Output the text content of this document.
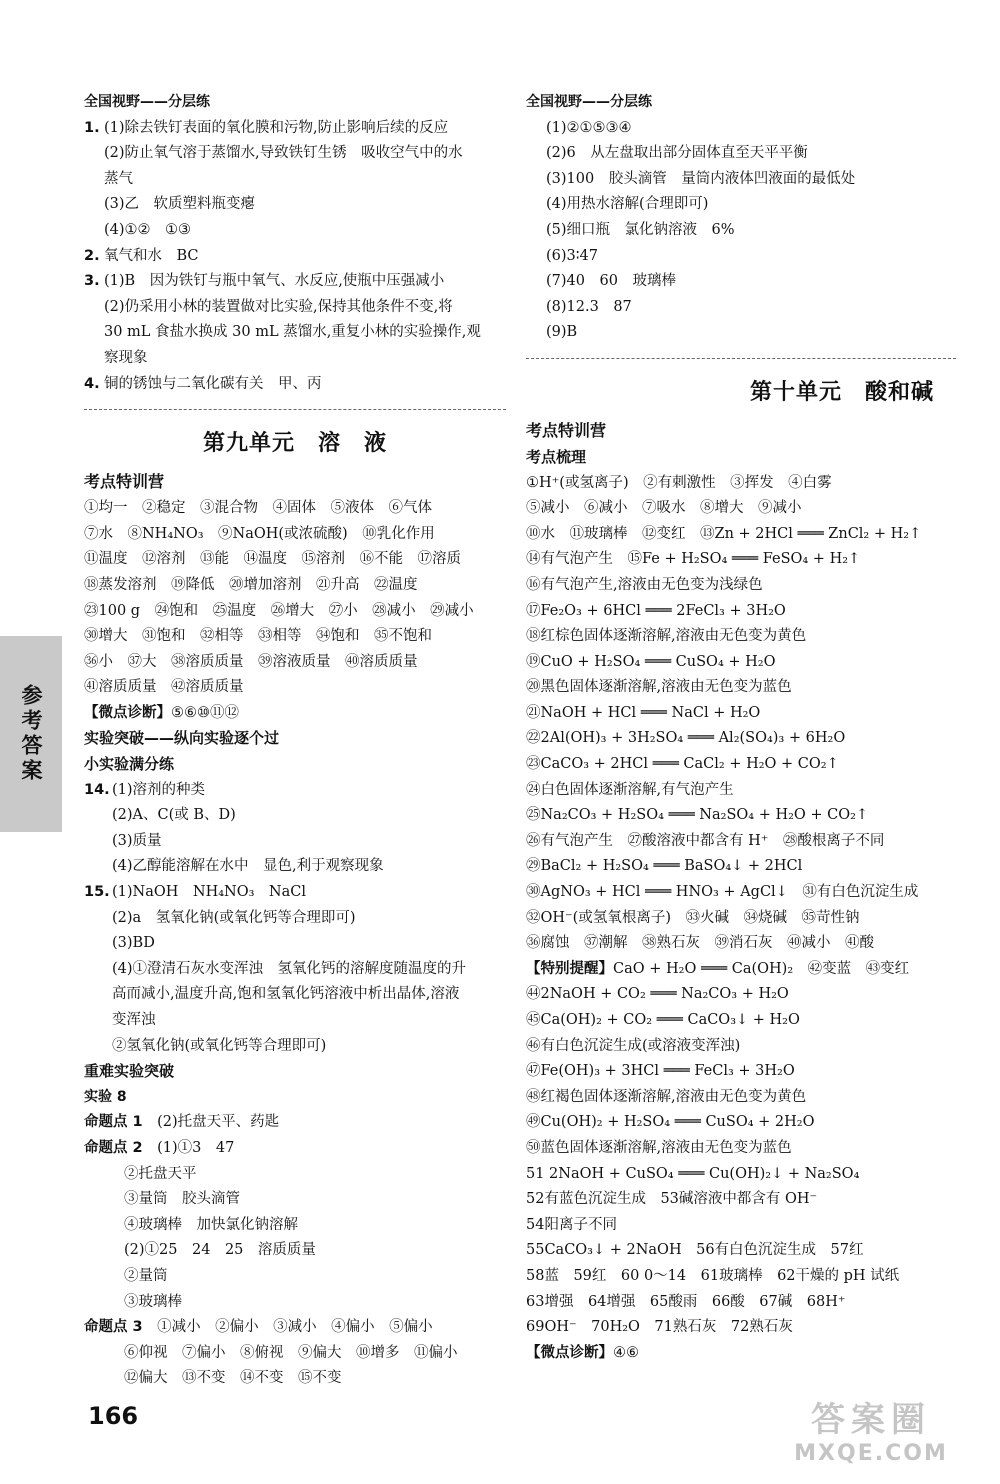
全国视野——分层练
1. (1)除去铁钉表面的氧化膜和污物,防止影响后续的反应
(2)防止氧气溶于蒸馏水,导致铁钉生锈　吸收空气中的水
蒸气
(3)乙　软质塑料瓶变瘪
(4)①②　①③
2. 氧气和水　BC
3. (1)B　因为铁钉与瓶中氧气、水反应,使瓶中压强减小
(2)仍采用小林的装置做对比实验,保持其他条件不变,将
30 mL 食盐水换成 30 mL 蒸馏水,重复小林的实验操作,观
察现象
4. 铜的锈蚀与二氧化碳有关　甲、丙
第九单元　溶　液
考点特训营
①均一　②稳定　③混合物　④固体　⑤液体　⑥气体
⑦水　⑧NH₄NO₃　⑨NaOH(或浓硫酸)　⑩乳化作用
⑪温度　⑫溶剂　⑬能　⑭温度　⑮溶剂　⑯不能　⑰溶质
⑱蒸发溶剂　⑲降低　⑳增加溶剂　㉑升高　㉒温度
㉓100 g　㉔饱和　㉕温度　㉖增大　㉗小　㉘减小　㉙减小
㉚增大　㉛饱和　㉜相等　㉝相等　㉞饱和　㉟不饱和
㊱小　㊲大　㊳溶质质量　㊴溶液质量　㊵溶质质量
㊶溶质质量　㊷溶质质量
【微点诊断】⑤⑥⑩⑪⑫
实验突破——纵向实验逐个过
小实验满分练
14. (1)溶剂的种类
(2)A、C(或 B、D)
(3)质量
(4)乙醇能溶解在水中　显色,利于观察现象
15. (1)NaOH　NH₄NO₃　NaCl
(2)a　氢氧化钠(或氧化钙等合理即可)
(3)BD
(4)①澄清石灰水变浑浊　氢氧化钙的溶解度随温度的升
高而减小,温度升高,饱和氢氧化钙溶液中析出晶体,溶液
变浑浊
②氢氧化钠(或氧化钙等合理即可)
重难实验突破
实验 8
命题点 1　(2)托盘天平、药匙
命题点 2　(1)①3　47
②托盘天平
③量筒　胶头滴管
④玻璃棒　加快氯化钠溶解
(2)①25　24　25　溶质质量
②量筒
③玻璃棒
命题点 3　①减小　②偏小　③减小　④偏小　⑤偏小
⑥仰视　⑦偏小　⑧俯视　⑨偏大　⑩增多　⑪偏小
⑫偏大　⑬不变　⑭不变　⑮不变
全国视野——分层练
(1)②①⑤③④
(2)6　从左盘取出部分固体直至天平平衡
(3)100　胶头滴管　量筒内液体凹液面的最低处
(4)用热水溶解(合理即可)
(5)细口瓶　氯化钠溶液　6%
(6)3∶47
(7)40　60　玻璃棒
(8)12.3　87
(9)B
第十单元　酸和碱
考点特训营
考点梳理
①H⁺(或氢离子)　②有刺激性　③挥发　④白雾
⑤减小　⑥减小　⑦吸水　⑧增大　⑨减小
⑩水　⑪玻璃棒　⑫变红　⑬Zn + 2HCl ═══ ZnCl₂ + H₂↑
⑭有气泡产生　⑮Fe + H₂SO₄ ═══ FeSO₄ + H₂↑
⑯有气泡产生,溶液由无色变为浅绿色
⑰Fe₂O₃ + 6HCl ═══ 2FeCl₃ + 3H₂O
⑱红棕色固体逐渐溶解,溶液由无色变为黄色
⑲CuO + H₂SO₄ ═══ CuSO₄ + H₂O
⑳黑色固体逐渐溶解,溶液由无色变为蓝色
㉑NaOH + HCl ═══ NaCl + H₂O
㉒2Al(OH)₃ + 3H₂SO₄ ═══ Al₂(SO₄)₃ + 6H₂O
㉓CaCO₃ + 2HCl ═══ CaCl₂ + H₂O + CO₂↑
㉔白色固体逐渐溶解,有气泡产生
㉕Na₂CO₃ + H₂SO₄ ═══ Na₂SO₄ + H₂O + CO₂↑
㉖有气泡产生　㉗酸溶液中都含有 H⁺　㉘酸根离子不同
㉙BaCl₂ + H₂SO₄ ═══ BaSO₄↓ + 2HCl
㉚AgNO₃ + HCl ═══ HNO₃ + AgCl↓　㉛有白色沉淀生成
㉜OH⁻(或氢氧根离子)　㉝火碱　㉞烧碱　㉟苛性钠
㊱腐蚀　㊲潮解　㊳熟石灰　㊴消石灰　㊵减小　㊶酸
【特别提醒】CaO + H₂O ═══ Ca(OH)₂　㊷变蓝　㊸变红
㊹2NaOH + CO₂ ═══ Na₂CO₃ + H₂O
㊺Ca(OH)₂ + CO₂ ═══ CaCO₃↓ + H₂O
㊻有白色沉淀生成(或溶液变浑浊)
㊼Fe(OH)₃ + 3HCl ═══ FeCl₃ + 3H₂O
㊽红褐色固体逐渐溶解,溶液由无色变为黄色
㊾Cu(OH)₂ + H₂SO₄ ═══ CuSO₄ + 2H₂O
㊿蓝色固体逐渐溶解,溶液由无色变为蓝色
51 2NaOH + CuSO₄ ═══ Cu(OH)₂↓ + Na₂SO₄
52有蓝色沉淀生成　53碱溶液中都含有 OH⁻
54阳离子不同
55CaCO₃↓ + 2NaOH　56有白色沉淀生成　57红
58蓝　59红　60 0～14　61玻璃棒　62干燥的 pH 试纸
63增强　64增强　65酸雨　66酸　67碱　68H⁺
69OH⁻　70H₂O　71熟石灰　72熟石灰
【微点诊断】④⑥
参考答案
166	答案圈
MXQE.COM
